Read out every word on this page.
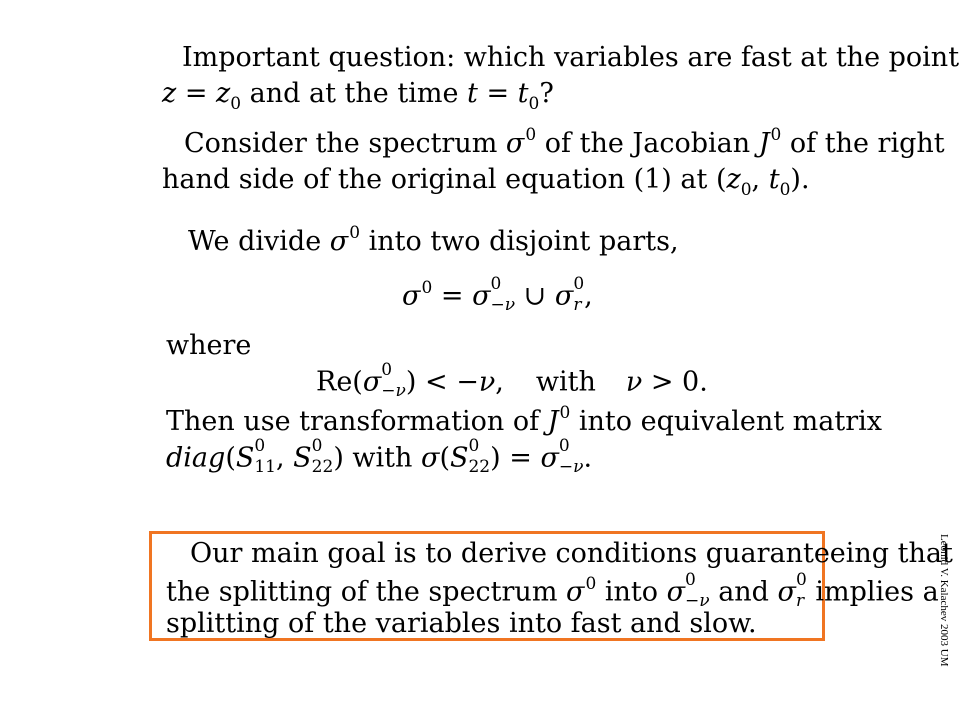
Important question: which variables are fast at the point
$z = z_0$ and at the time $t = t_0$?
Consider the spectrum $\sigma^0$ of the Jacobian $J^0$ of the right
hand side of the original equation (1) at ($z_0$, $t_0$).
We divide $\sigma^0$ into two disjoint parts,
$\sigma^0 = \sigma$ 0
−ν ∪ σ 0
r ,
where
Re(σ 0
−ν ) < −ν, with ν > 0.
Then use transformation of $J^0$ into equivalent matrix
diag(S 0
11 , S 0
22 ) with σ(S 0
22 ) = σ 0
−ν .
Our main goal is to derive conditions guaranteeing that
the splitting of the spectrum $\sigma^0$ into σ 0
−ν and σ 0
r implies a
splitting of the variables into fast and slow.	Leonid V. Kalachev 2003 UM
